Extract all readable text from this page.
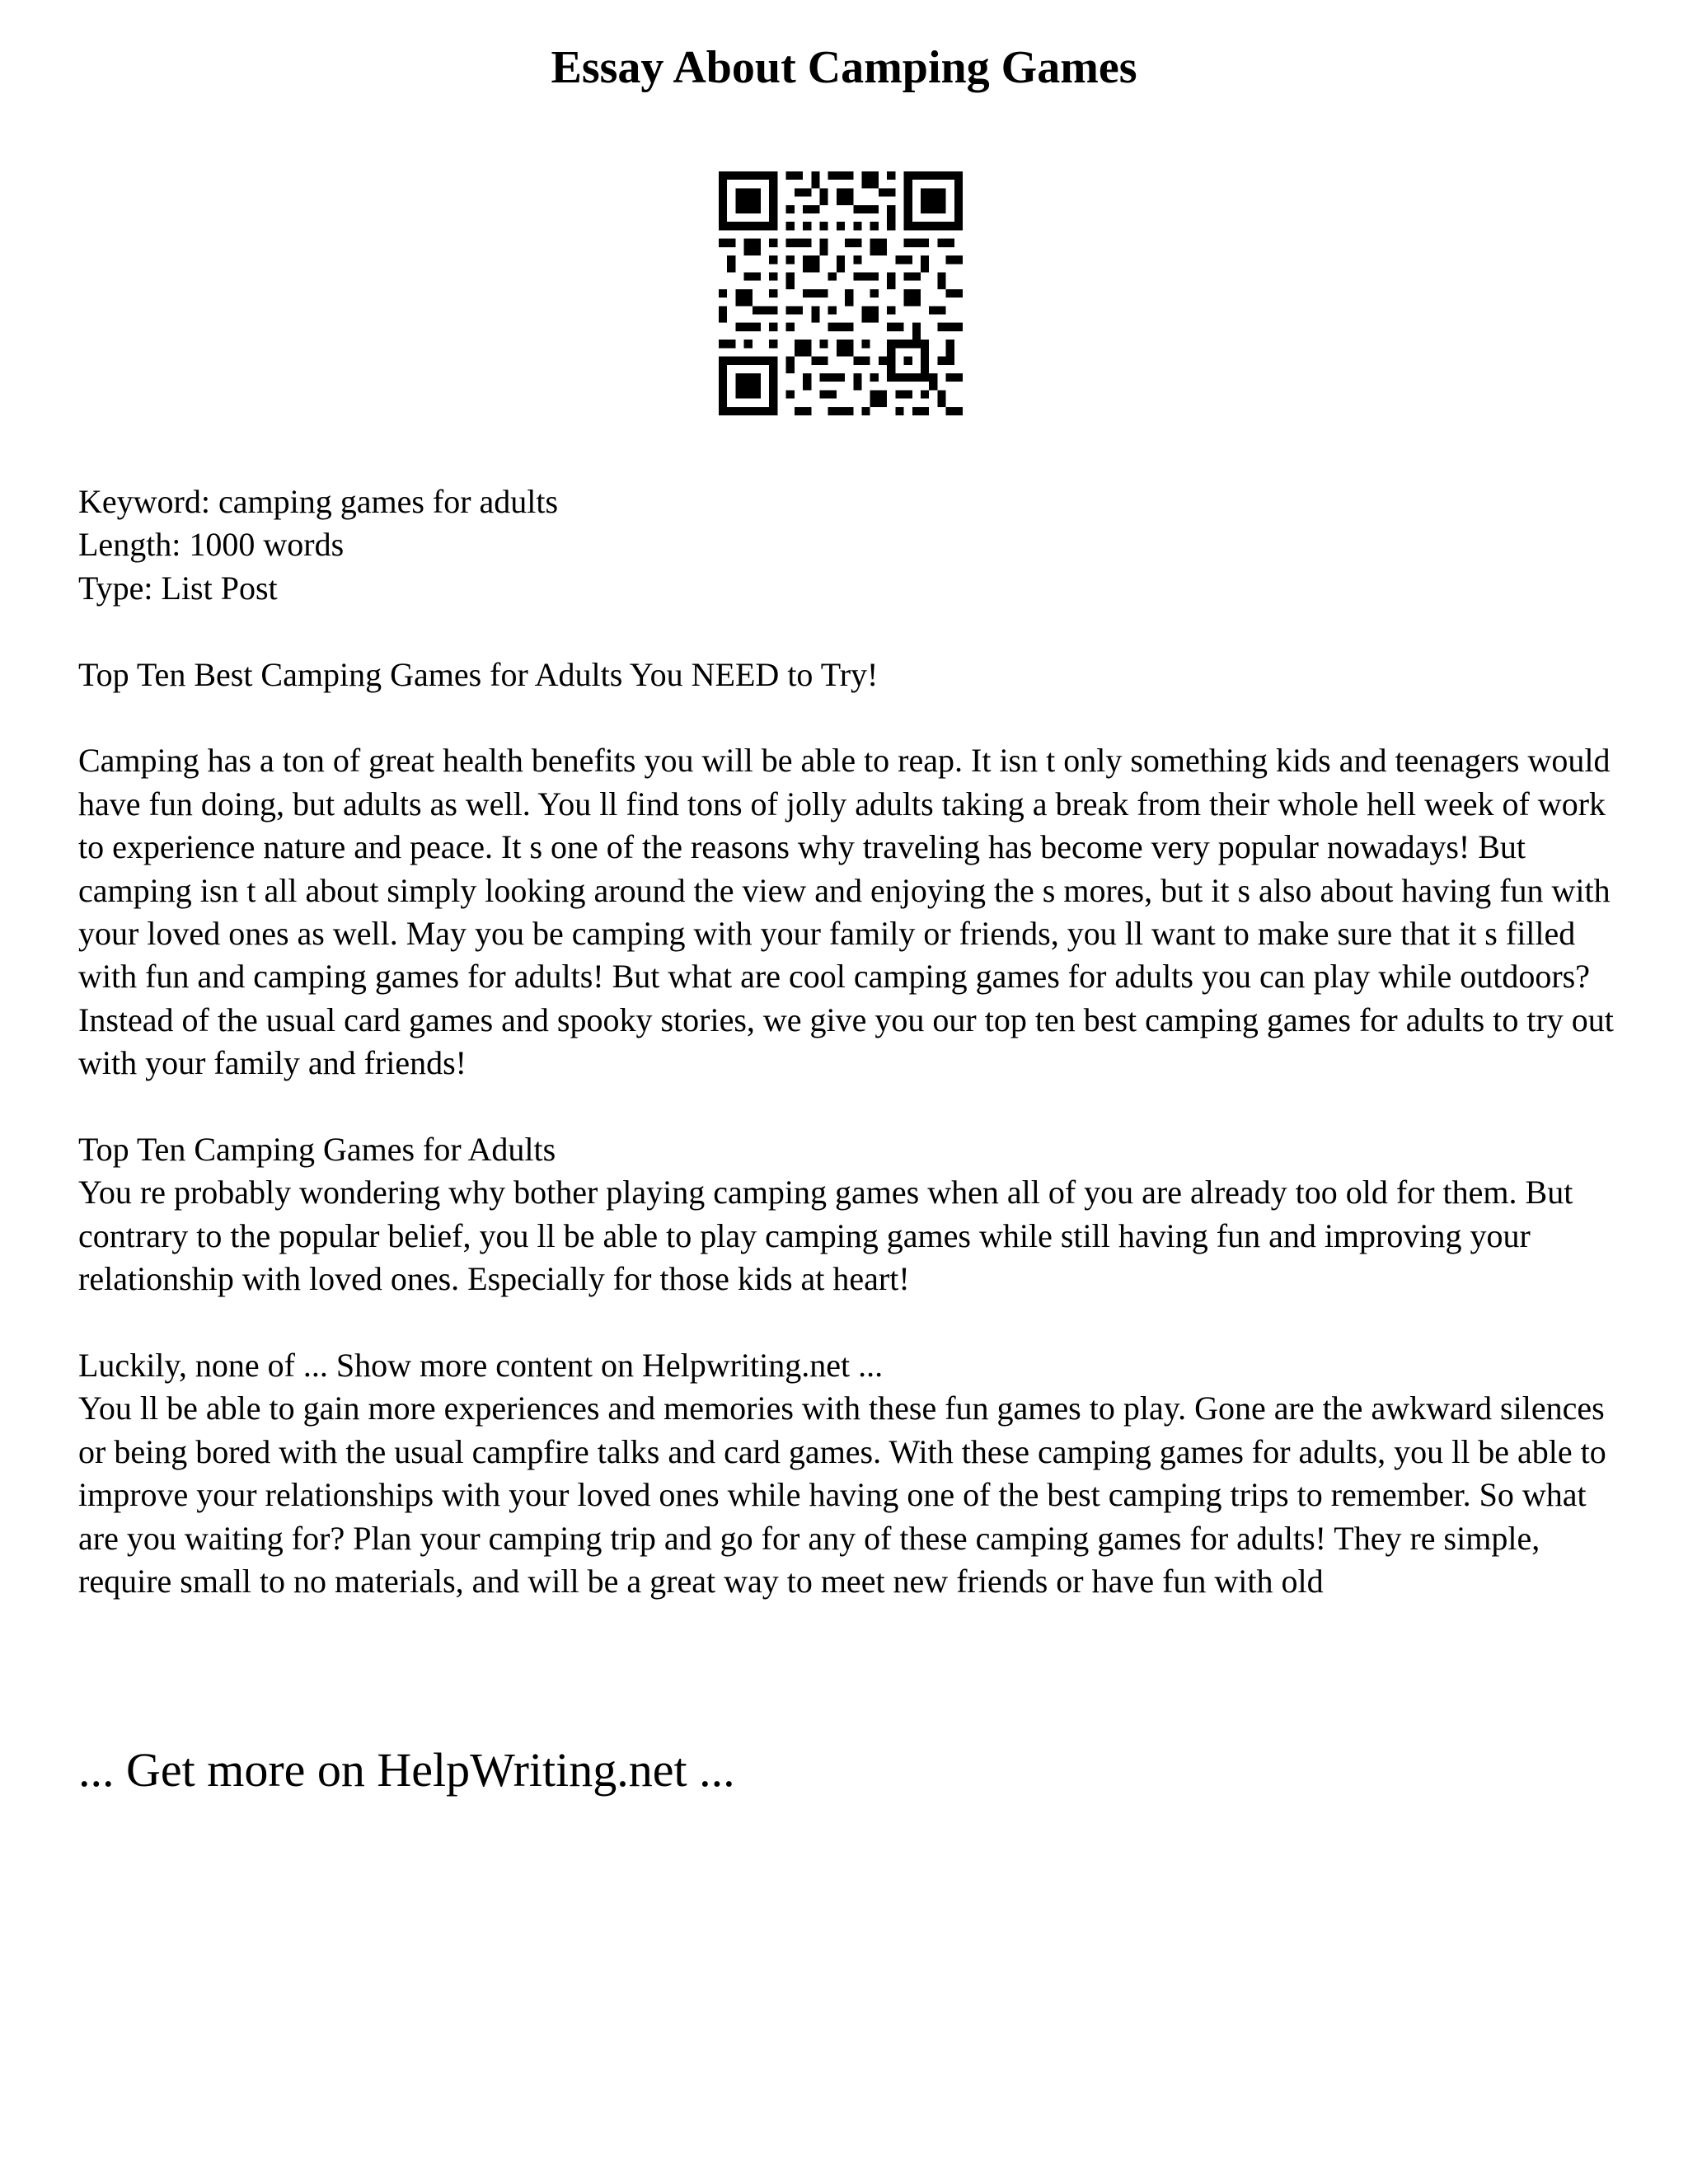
Essay About Camping Games

Keyword: camping games for adults

Length: 1000 words

Type: List Post

Top Ten Best Camping Games for Adults You NEED to Try!

Camping has a ton of great health benefits you will be able to reap. It isn t only something kids and teenagers would have fun doing, but adults as well. You ll find tons of jolly adults taking a break from their whole hell week of work to experience nature and peace. It s one of the reasons why traveling has become very popular nowadays! But camping isn t all about simply looking around the view and enjoying the s mores, but it s also about having fun with your loved ones as well. May you be camping with your family or friends, you ll want to make sure that it s filled with fun and camping games for adults! But what are cool camping games for adults you can play while outdoors? Instead of the usual card games and spooky stories, we give you our top ten best camping games for adults to try out with your family and friends!

Top Ten Camping Games for Adults

You re probably wondering why bother playing camping games when all of you are already too old for them. But contrary to the popular belief, you ll be able to play camping games while still having fun and improving your relationship with loved ones. Especially for those kids at heart!

Luckily, none of ... Show more content on Helpwriting.net ...

You ll be able to gain more experiences and memories with these fun games to play. Gone are the awkward silences or being bored with the usual campfire talks and card games. With these camping games for adults, you ll be able to improve your relationships with your loved ones while having one of the best camping trips to remember. So what are you waiting for? Plan your camping trip and go for any of these camping games for adults! They re simple, require small to no materials, and will be a great way to meet new friends or have fun with old

... Get more on HelpWriting.net ...
